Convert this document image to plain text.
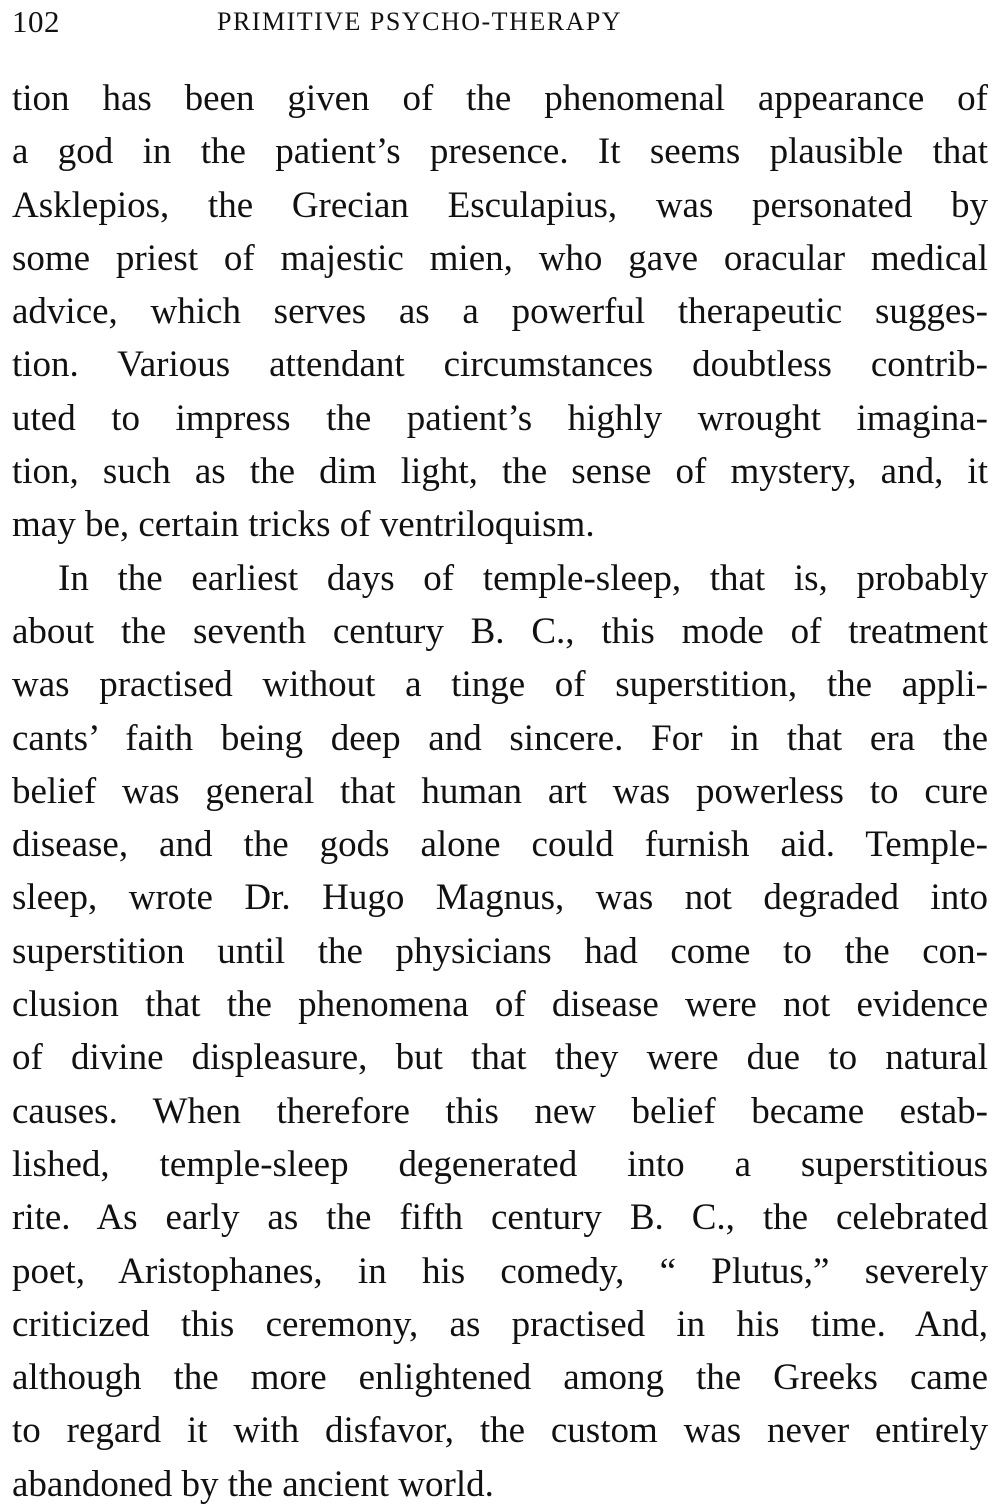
102	PRIMITIVE PSYCHO-THERAPY
tion has been given of the phenomenal appearance of
a god in the patient’s presence. It seems plausible that
Asklepios, the Grecian Esculapius, was personated by
some priest of majestic mien, who gave oracular medical
advice, which serves as a powerful therapeutic sugges-
tion. Various attendant circumstances doubtless contrib-
uted to impress the patient’s highly wrought imagina-
tion, such as the dim light, the sense of mystery, and, it
may be, certain tricks of ventriloquism.
In the earliest days of temple-sleep, that is, probably
about the seventh century B. C., this mode of treatment
was practised without a tinge of superstition, the appli-
cants’ faith being deep and sincere. For in that era the
belief was general that human art was powerless to cure
disease, and the gods alone could furnish aid. Temple-
sleep, wrote Dr. Hugo Magnus, was not degraded into
superstition until the physicians had come to the con-
clusion that the phenomena of disease were not evidence
of divine displeasure, but that they were due to natural
causes. When therefore this new belief became estab-
lished, temple-sleep degenerated into a superstitious
rite. As early as the fifth century B. C., the celebrated
poet, Aristophanes, in his comedy, “ Plutus,” severely
criticized this ceremony, as practised in his time. And,
although the more enlightened among the Greeks came
to regard it with disfavor, the custom was never entirely
abandoned by the ancient world.
